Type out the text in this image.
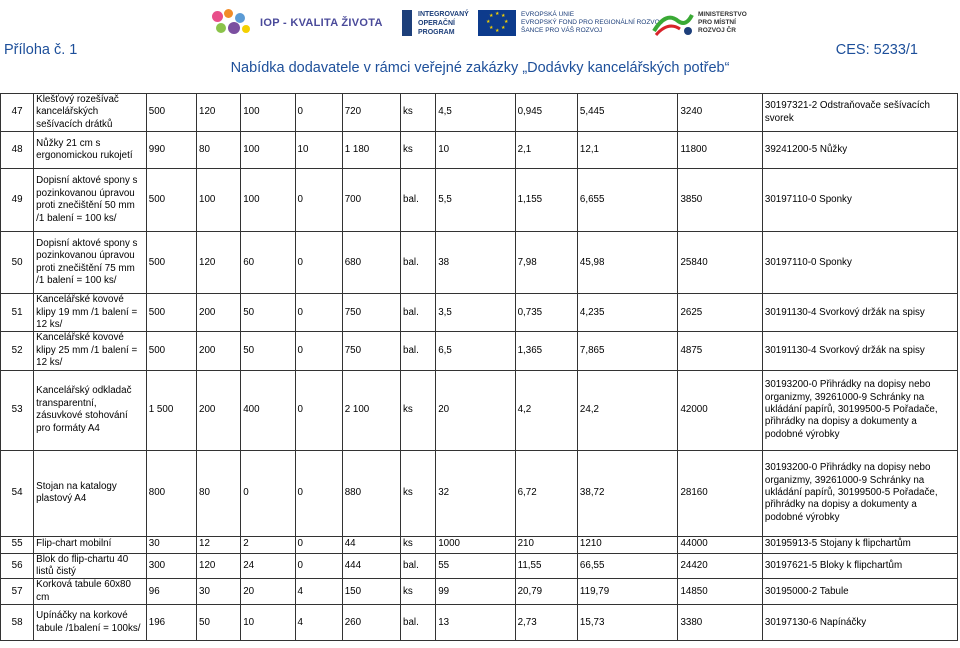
IOP - KVALITA ŽIVOTA
INTEGROVANÝ
OPERAČNÍ
PROGRAM
★ ★
★
★
★
★
★
★	EVROPSKÁ UNIE
EVROPSKÝ FOND PRO REGIONÁLNÍ ROZVOJ
ŠANCE PRO VÁŠ ROZVOJ
MINISTERSTVO
PRO MÍSTNÍ
ROZVOJ ČR
Příloha č. 1	CES: 5233/1
Nabídka dodavatele v rámci veřejné zakázky „Dodávky kancelářských potřeb“
47	Klešťový rozešívač kancelářských sešívacích drátků	500	120	100	0	720	ks	4,5	0,945	5,445	3240	30197321-2 Odstraňovače sešívacích svorek
48	Nůžky 21 cm s ergonomickou rukojetí	990	80	100	10	1 180	ks	10	2,1	12,1	11800	39241200-5 Nůžky
49	Dopisní aktové spony s pozinkovanou úpravou proti znečištění 50 mm /1 balení = 100 ks/	500	100	100	0	700	bal.	5,5	1,155	6,655	3850	30197110-0 Sponky
50	Dopisní aktové spony s pozinkovanou úpravou proti znečištění 75 mm /1 balení = 100 ks/	500	120	60	0	680	bal.	38	7,98	45,98	25840	30197110-0 Sponky
51	Kancelářské kovové klipy 19 mm /1 balení = 12 ks/	500	200	50	0	750	bal.	3,5	0,735	4,235	2625	30191130-4 Svorkový držák na spisy
52	Kancelářské kovové klipy 25 mm /1 balení = 12 ks/	500	200	50	0	750	bal.	6,5	1,365	7,865	4875	30191130-4 Svorkový držák na spisy
53	Kancelářský odkladač transparentní, zásuvkové stohování pro formáty A4	1 500	200	400	0	2 100	ks	20	4,2	24,2	42000	30193200-0 Přihrádky na dopisy nebo organizmy, 39261000-9 Schránky na ukládání papírů, 30199500-5 Pořadače, přihrádky na dopisy a dokumenty a podobné výrobky
54	Stojan na katalogy plastový A4	800	80	0	0	880	ks	32	6,72	38,72	28160	30193200-0 Přihrádky na dopisy nebo organizmy, 39261000-9 Schránky na ukládání papírů, 30199500-5 Pořadače, přihrádky na dopisy a dokumenty a podobné výrobky
55	Flip-chart mobilní	30	12	2	0	44	ks	1000	210	1210	44000	30195913-5 Stojany k flipchartům
56	Blok do flip-chartu 40 listů čistý	300	120	24	0	444	bal.	55	11,55	66,55	24420	30197621-5 Bloky k flipchartům
57	Korková tabule 60x80 cm	96	30	20	4	150	ks	99	20,79	119,79	14850	30195000-2 Tabule
58	Upínáčky na korkové tabule /1balení = 100ks/	196	50	10	4	260	bal.	13	2,73	15,73	3380	30197130-6 Napínáčky
